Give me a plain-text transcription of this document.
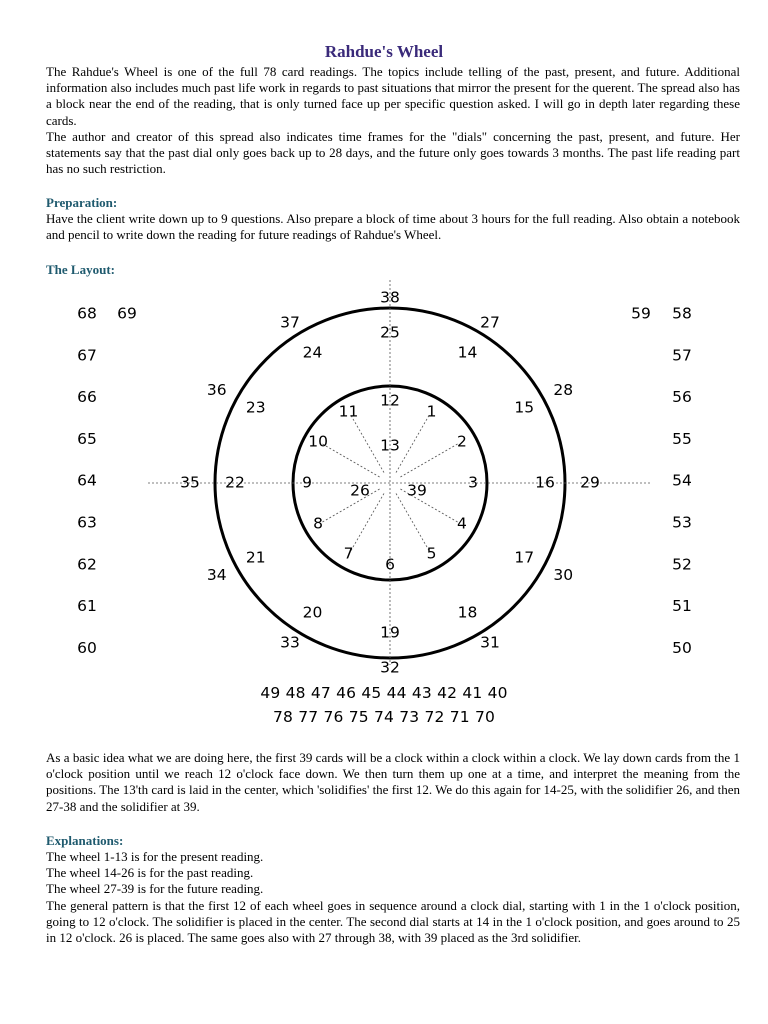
Rahdue's Wheel

The Rahdue's Wheel is one of the full 78 card readings. The topics include telling of the past, present, and future. Additional information also includes much past life work in regards to past situations that mirror the present for the querent. The spread also has a block near the end of the reading, that is only turned face up per specific question asked. I will go in depth later regarding these cards.

The author and creator of this spread also indicates time frames for the "dials" concerning the past, present, and future. Her statements say that the past dial only goes back up to 28 days, and the future only goes towards 3 months. The past life reading part has no such restriction.

Preparation:

Have the client write down up to 9 questions. Also prepare a block of time about 3 hours for the full reading. Also obtain a notebook and pencil to write down the reading for future readings of Rahdue's Wheel.

The Layout:
1
2
3
4
5
6
7
8
9
10
11
12
13
26 39
14
15
16
17
18
19
20
21
22
23
24
25
27
28
29
30
31
32
33
34
35
36
37
38
68
67
66
65
64
63
62
61
60
69	58
57
56
55
54
53
52
51
50
59
49 48 47 46 45 44 43 42 41 40
78 77 76 75 74 73 72 71 70

As a basic idea what we are doing here, the first 39 cards will be a clock within a clock within a clock. We lay down cards from the 1 o'clock position until we reach 12 o'clock face down. We then turn them up one at a time, and interpret the meaning from the positions. The 13'th card is laid in the center, which 'solidifies' the first 12. We do this again for 14-25, with the solidifier 26, and then 27-38 and the solidifier at 39.

Explanations:

The wheel 1-13 is for the present reading.

The wheel 14-26 is for the past reading.

The wheel 27-39 is for the future reading.

The general pattern is that the first 12 of each wheel goes in sequence around a clock dial, starting with 1 in the 1 o'clock position, going to 12 o'clock. The solidifier is placed in the center. The second dial starts at 14 in the 1 o'clock position, and goes around to 25 in 12 o'clock. 26 is placed. The same goes also with 27 through 38, with 39 placed as the 3rd solidifier.
